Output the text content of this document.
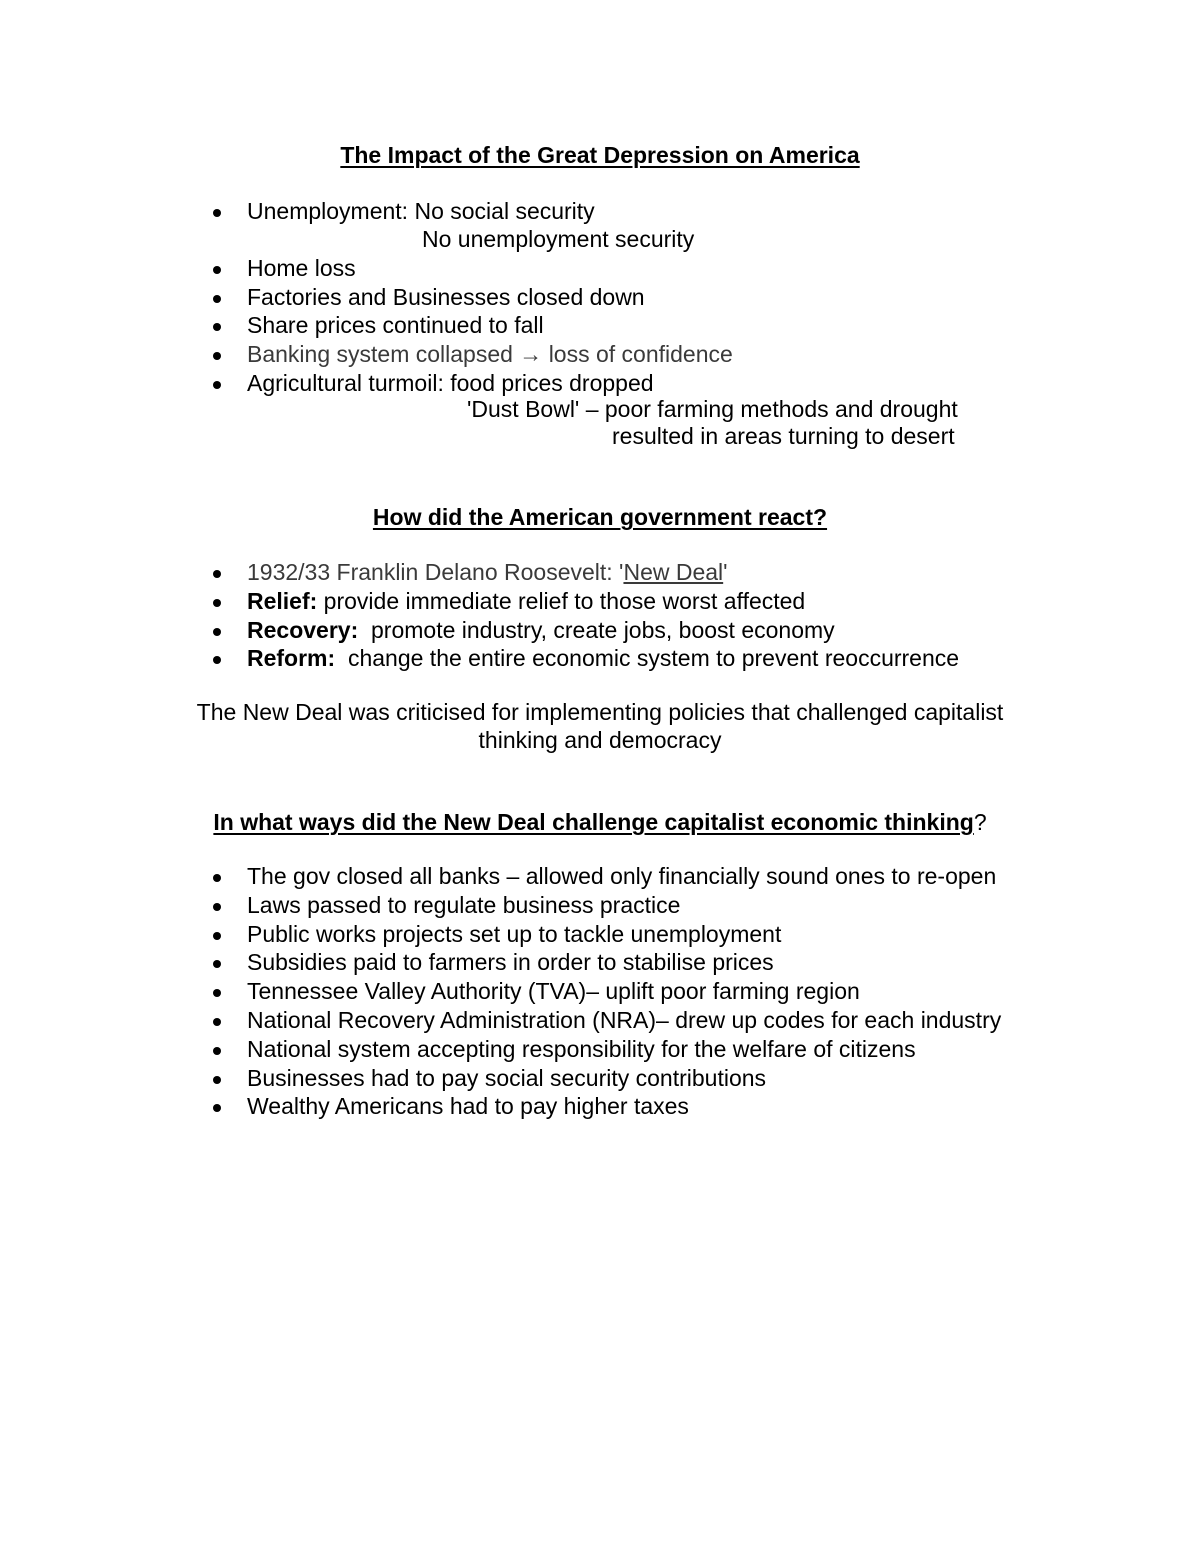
The Impact of the Great Depression on America
Unemployment: No social security
Home loss
Factories and Businesses closed down
Share prices continued to fall
Banking system collapsed → loss of confidence
Agricultural turmoil: food prices dropped
No unemployment security
'Dust Bowl' – poor farming methods and drought
resulted in areas turning to desert
How did the American government react?
1932/33 Franklin Delano Roosevelt: 'New Deal'
Relief: provide immediate relief to those worst affected
Recovery:  promote industry, create jobs, boost economy
Reform:  change the entire economic system to prevent reoccurrence

The New Deal was criticised for implementing policies that challenged capitalist

thinking and democracy

In what ways did the New Deal challenge capitalist economic thinking?
The gov closed all banks – allowed only financially sound ones to re-open
Laws passed to regulate business practice
Public works projects set up to tackle unemployment
Subsidies paid to farmers in order to stabilise prices
Tennessee Valley Authority (TVA)– uplift poor farming region
National Recovery Administration (NRA)– drew up codes for each industry
National system accepting responsibility for the welfare of citizens
Businesses had to pay social security contributions
Wealthy Americans had to pay higher taxes
